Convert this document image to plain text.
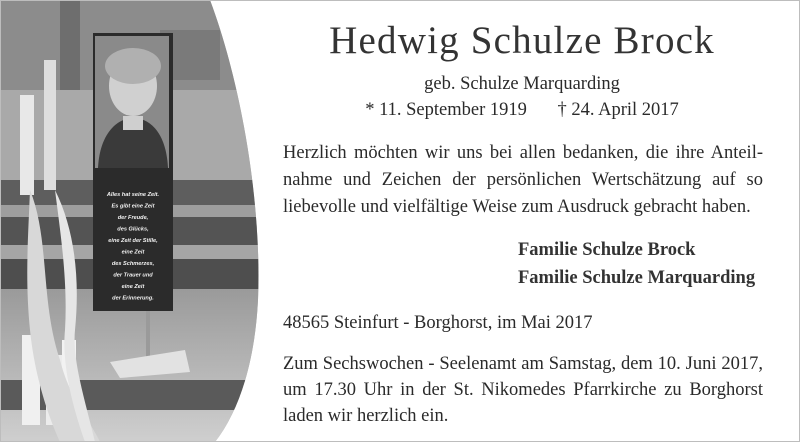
Alles hat seine Zeit.
Es gibt eine Zeit
der Freude,
des Glücks,
eine Zeit der Stille,
eine Zeit
des Schmerzes,
der Trauer und
eine Zeit
der Erinnerung.
Hedwig Schulze Brock
geb. Schulze Marquarding
* 11. September 1919 † 24. April 2017
Herzlich möchten wir uns bei allen bedanken, die ihre Anteil-
nahme und Zeichen der persönlichen Wertschätzung auf so
liebevolle und vielfältige Weise zum Ausdruck gebracht haben.
Familie Schulze Brock
Familie Schulze Marquarding
48565 Steinfurt - Borghorst, im Mai 2017
Zum Sechswochen - Seelenamt am Samstag, dem 10. Juni 2017,
um 17.30 Uhr in der St. Nikomedes Pfarrkirche zu Borghorst
laden wir herzlich ein.
